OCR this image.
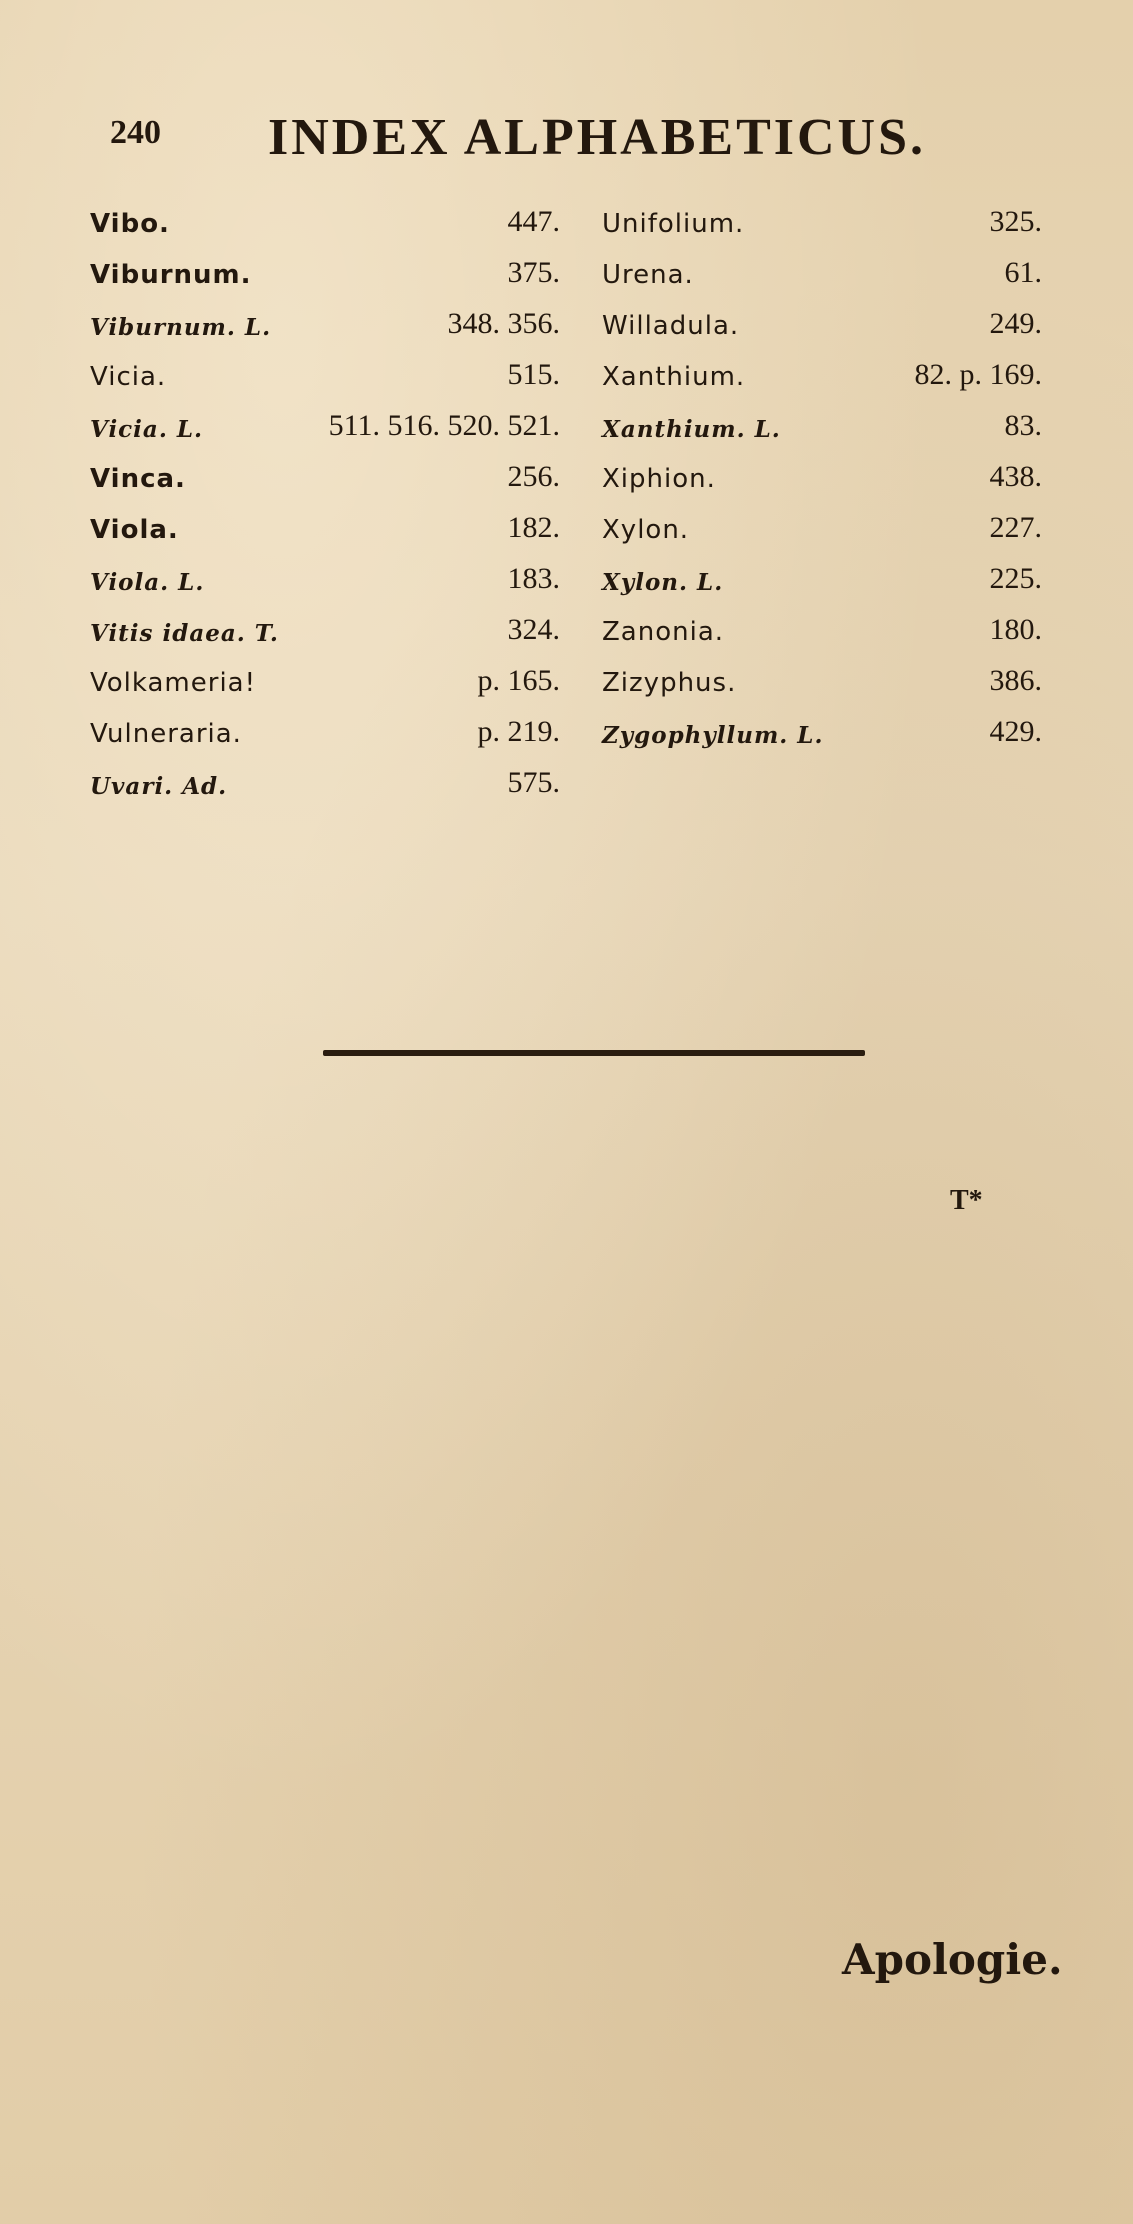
240 INDEX ALPHABETICUS.
Vibo.	447.
Viburnum.	375.
Viburnum. L.	348. 356.
Vicia.	515.
Vicia. L.	511. 516. 520. 521.
Vinca.	256.
Viola.	182.
Viola. L.	183.
Vitis idaea. T.	324.
Volkameria!	p. 165.
Vulneraria.	p. 219.
Uvari. Ad.	575.
Unifolium.	325.
Urena.	61.
Willadula.	249.
Xanthium.	82. p. 169.
Xanthium. L.	83.
Xiphion.	438.
Xylon.	227.
Xylon. L.	225.
Zanonia.	180.
Zizyphus.	386.
Zygophyllum. L.	429.
T*
Apologie.
